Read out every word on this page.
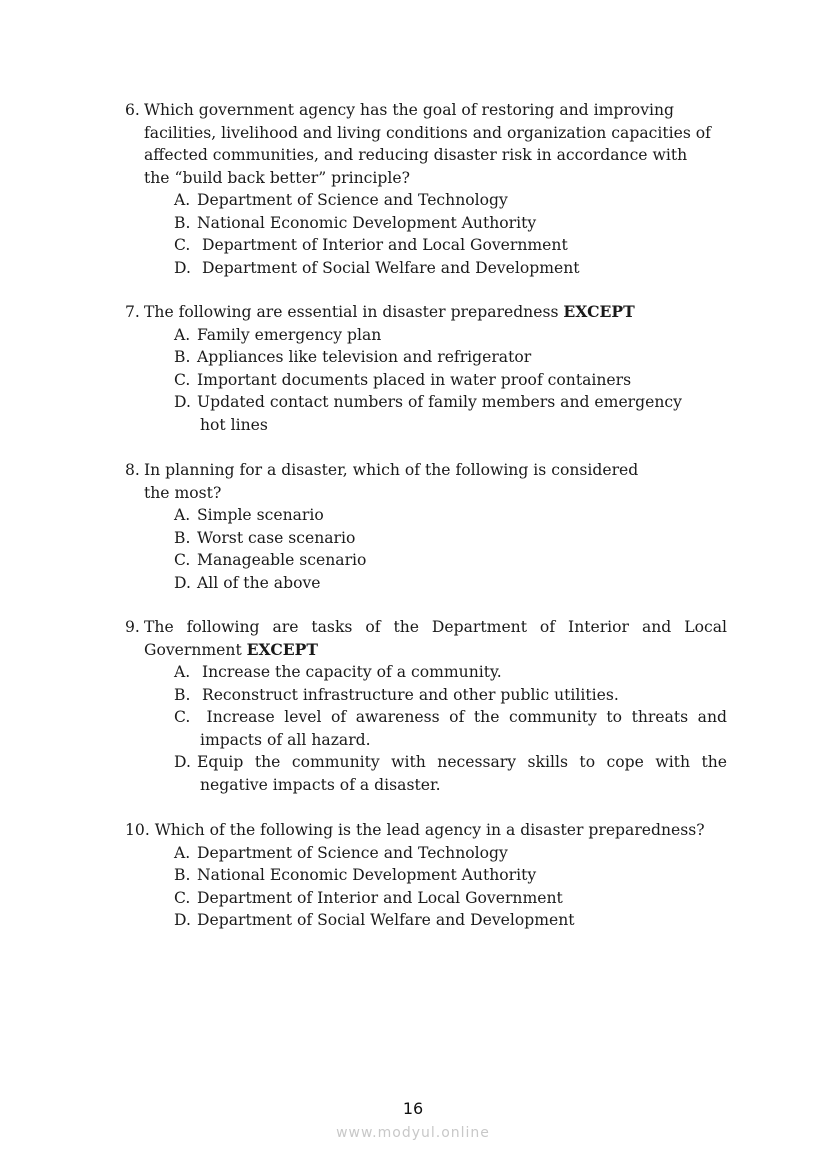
6. Which government agency has the goal of restoring and improving
facilities, livelihood and living conditions and organization capacities of
affected communities, and reducing disaster risk in accordance with
the “build back better” principle?
A. Department of Science and Technology
B. National Economic Development Authority
C. Department of Interior and Local Government
D. Department of Social Welfare and Development
7. The following are essential in disaster preparedness EXCEPT
A. Family emergency plan
B. Appliances like television and refrigerator
C. Important documents placed in water proof containers
D. Updated contact numbers of family members and emergency
hot lines
8. In planning for a disaster, which of the following is considered
the most?
A. Simple scenario
B. Worst case scenario
C. Manageable scenario
D. All of the above
9. The following are tasks of the Department of Interior and Local
Government EXCEPT
A. Increase the capacity of a community.
B. Reconstruct infrastructure and other public utilities.
C. Increase level of awareness of the community to threats and
impacts of all hazard.
D. Equip the community with necessary skills to cope with the
negative impacts of a disaster.
10. Which of the following is the lead agency in a disaster preparedness?
A. Department of Science and Technology
B. National Economic Development Authority
C. Department of Interior and Local Government
D. Department of Social Welfare and Development
16
www.modyul.online
